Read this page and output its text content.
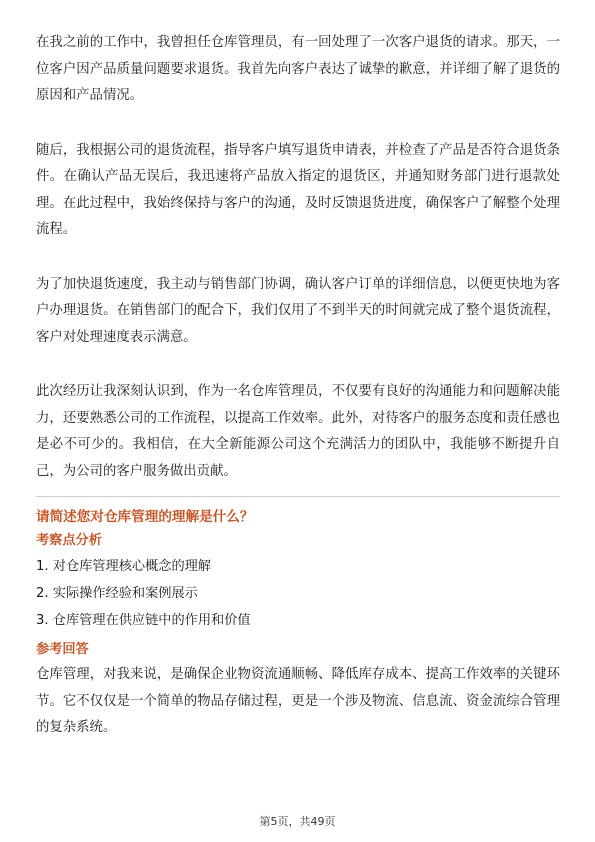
在我之前的工作中，我曾担任仓库管理员，有一回处理了一次客户退货的请求。那天，一位客户因产品质量问题要求退货。我首先向客户表达了诚挚的歉意，并详细了解了退货的原因和产品情况。

随后，我根据公司的退货流程，指导客户填写退货申请表，并检查了产品是否符合退货条件。在确认产品无误后，我迅速将产品放入指定的退货区，并通知财务部门进行退款处理。在此过程中，我始终保持与客户的沟通，及时反馈退货进度，确保客户了解整个处理流程。

为了加快退货速度，我主动与销售部门协调，确认客户订单的详细信息，以便更快地为客户办理退货。在销售部门的配合下，我们仅用了不到半天的时间就完成了整个退货流程，客户对处理速度表示满意。

此次经历让我深刻认识到，作为一名仓库管理员，不仅要有良好的沟通能力和问题解决能力，还要熟悉公司的工作流程，以提高工作效率。此外，对待客户的服务态度和责任感也是必不可少的。我相信，在大全新能源公司这个充满活力的团队中，我能够不断提升自己，为公司的客户服务做出贡献。

请简述您对仓库管理的理解是什么？

考察点分析

1. 对仓库管理核心概念的理解

2. 实际操作经验和案例展示

3. 仓库管理在供应链中的作用和价值

参考回答

仓库管理，对我来说，是确保企业物资流通顺畅、降低库存成本、提高工作效率的关键环节。它不仅仅是一个简单的物品存储过程，更是一个涉及物流、信息流、资金流综合管理的复杂系统。

第5页，共49页
